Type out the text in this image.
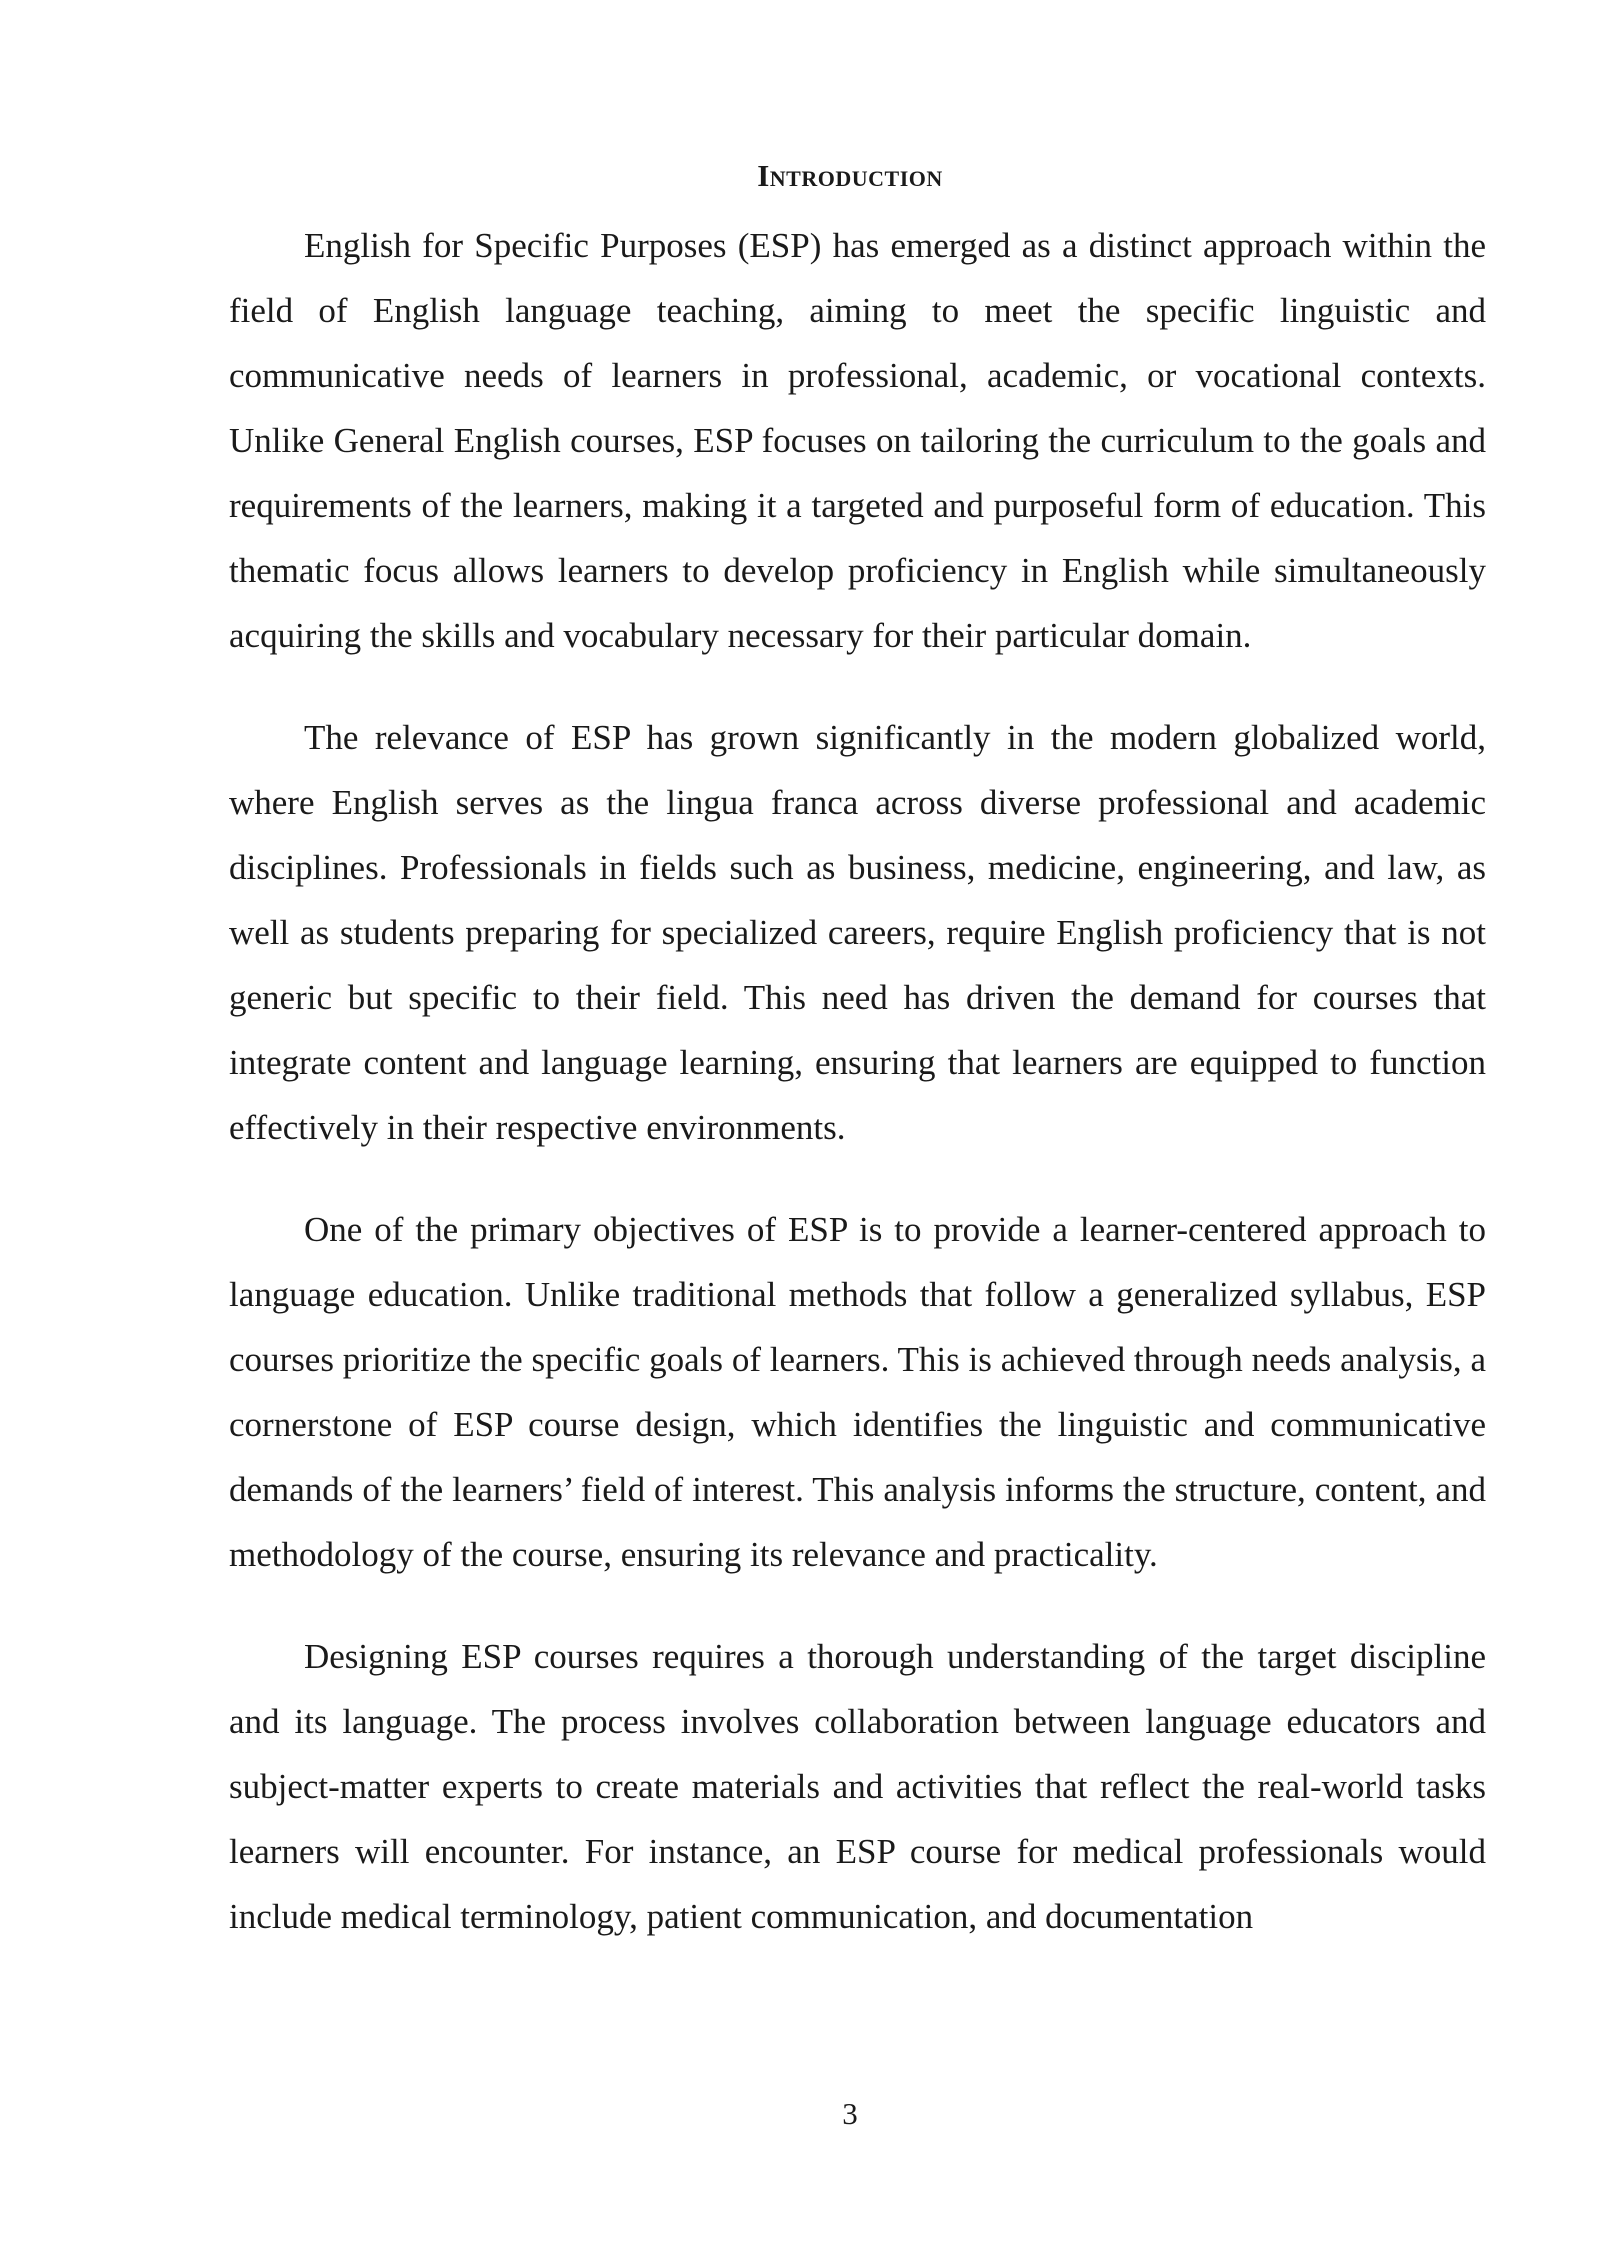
Introduction

English for Specific Purposes (ESP) has emerged as a distinct approach within the field of English language teaching, aiming to meet the specific linguistic and communicative needs of learners in professional, academic, or vocational contexts. Unlike General English courses, ESP focuses on tailoring the curriculum to the goals and requirements of the learners, making it a targeted and purposeful form of education. This thematic focus allows learners to develop proficiency in English while simultaneously acquiring the skills and vocabulary necessary for their particular domain.

The relevance of ESP has grown significantly in the modern globalized world, where English serves as the lingua franca across diverse professional and academic disciplines. Professionals in fields such as business, medicine, engineering, and law, as well as students preparing for specialized careers, require English proficiency that is not generic but specific to their field. This need has driven the demand for courses that integrate content and language learning, ensuring that learners are equipped to function effectively in their respective environments.

One of the primary objectives of ESP is to provide a learner-centered approach to language education. Unlike traditional methods that follow a generalized syllabus, ESP courses prioritize the specific goals of learners. This is achieved through needs analysis, a cornerstone of ESP course design, which identifies the linguistic and communicative demands of the learners’ field of interest. This analysis informs the structure, content, and methodology of the course, ensuring its relevance and practicality.

Designing ESP courses requires a thorough understanding of the target discipline and its language. The process involves collaboration between language educators and subject-matter experts to create materials and activities that reflect the real-world tasks learners will encounter. For instance, an ESP course for medical professionals would include medical terminology, patient communication, and documentation

3
